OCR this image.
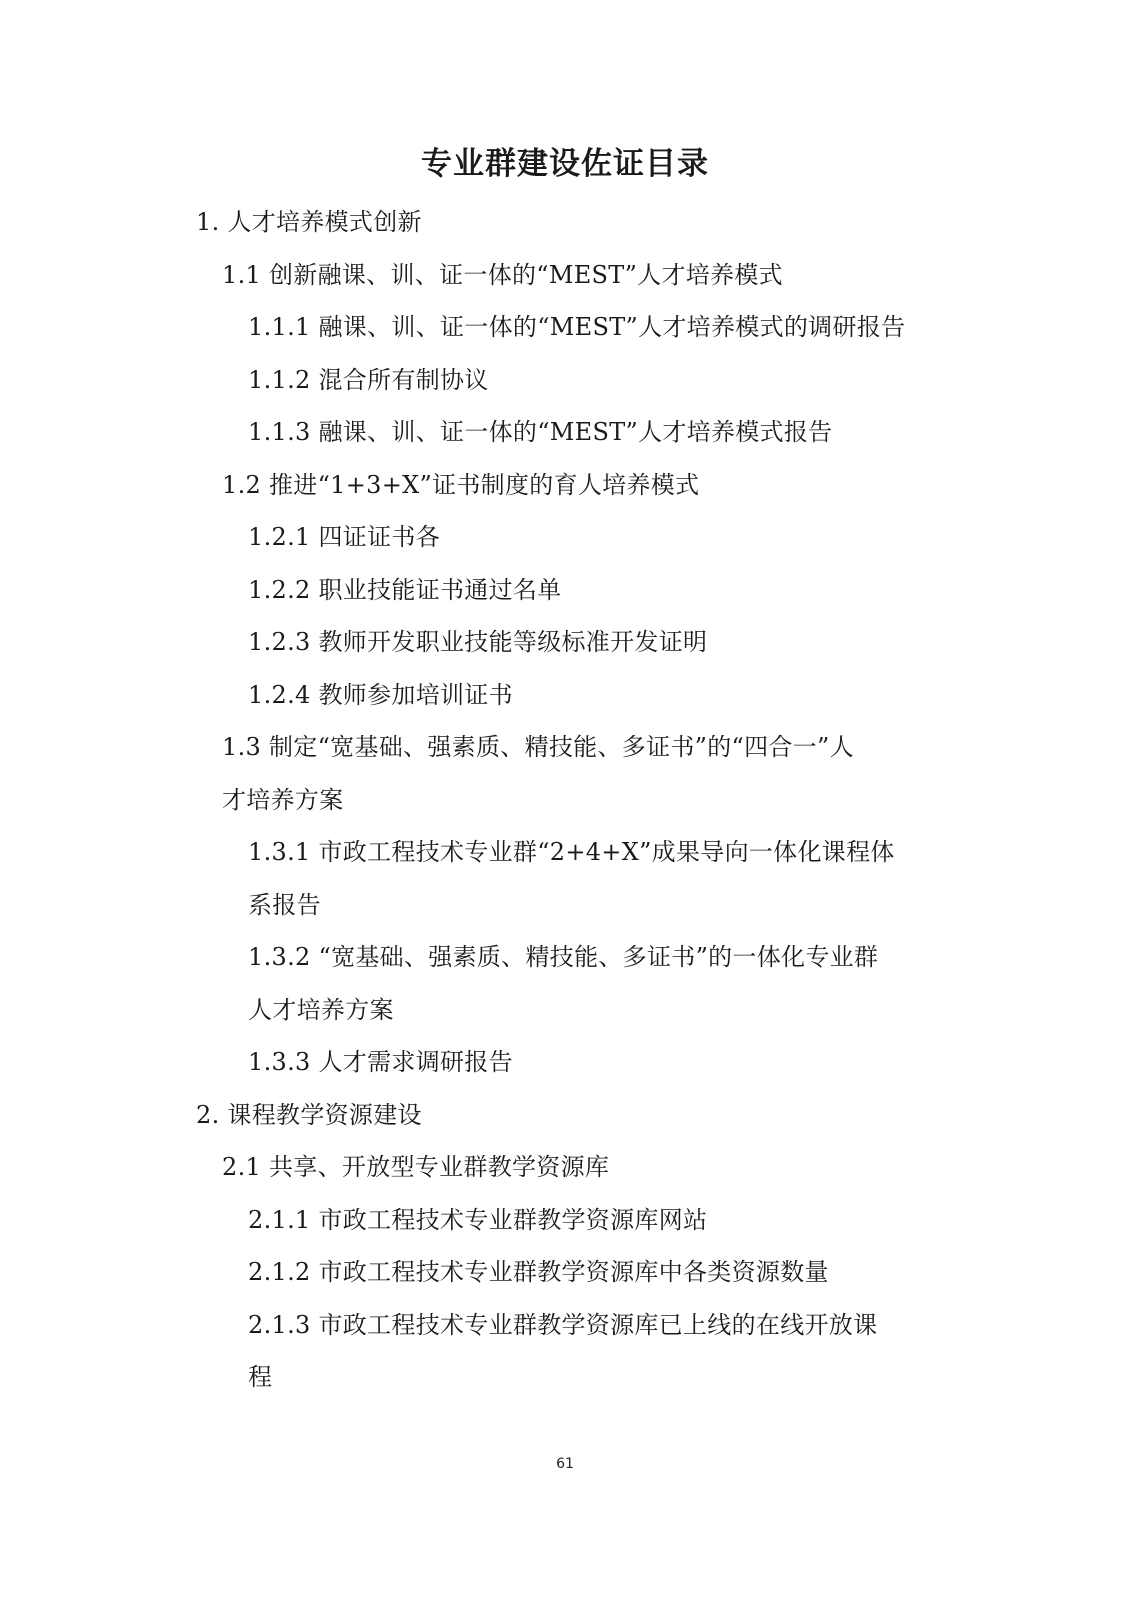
专业群建设佐证目录
1. 人才培养模式创新
1.1 创新融课、训、证一体的“MEST”人才培养模式
1.1.1 融课、训、证一体的“MEST”人才培养模式的调研报告
1.1.2 混合所有制协议
1.1.3 融课、训、证一体的“MEST”人才培养模式报告
1.2 推进“1+3+X”证书制度的育人培养模式
1.2.1 四证证书各
1.2.2 职业技能证书通过名单
1.2.3 教师开发职业技能等级标准开发证明
1.2.4 教师参加培训证书
1.3 制定“宽基础、强素质、精技能、多证书”的“四合一”人
才培养方案
1.3.1 市政工程技术专业群“2+4+X”成果导向一体化课程体
系报告
1.3.2 “宽基础、强素质、精技能、多证书”的一体化专业群
人才培养方案
1.3.3 人才需求调研报告
2. 课程教学资源建设
2.1 共享、开放型专业群教学资源库
2.1.1 市政工程技术专业群教学资源库网站
2.1.2 市政工程技术专业群教学资源库中各类资源数量
2.1.3 市政工程技术专业群教学资源库已上线的在线开放课
程
61
